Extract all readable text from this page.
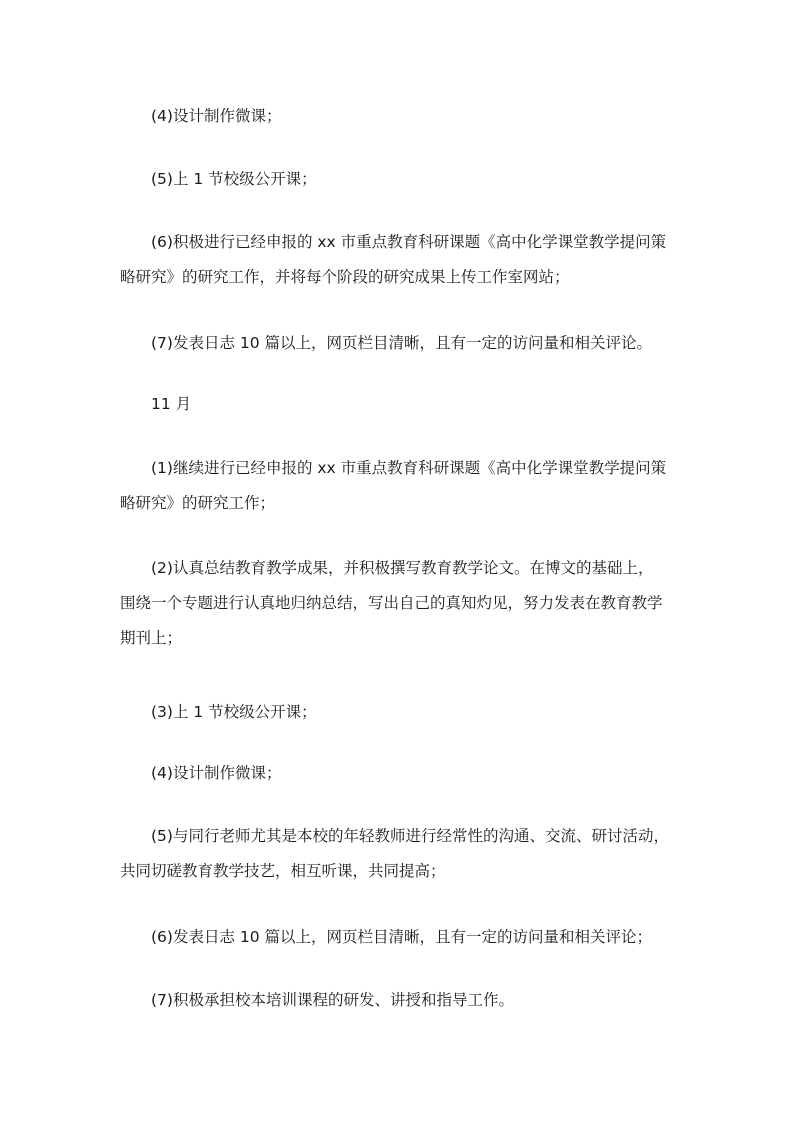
(4)设计制作微课；

(5)上 1 节校级公开课；

(6)积极进行已经申报的 xx 市重点教育科研课题《高中化学课堂教学提问策
略研究》的研究工作，并将每个阶段的研究成果上传工作室网站；

(7)发表日志 10 篇以上，网页栏目清晰，且有一定的访问量和相关评论。

11 月

(1)继续进行已经申报的 xx 市重点教育科研课题《高中化学课堂教学提问策
略研究》的研究工作；

(2)认真总结教育教学成果，并积极撰写教育教学论文。在博文的基础上，
围绕一个专题进行认真地归纳总结，写出自己的真知灼见，努力发表在教育教学
期刊上；

(3)上 1 节校级公开课；

(4)设计制作微课；

(5)与同行老师尤其是本校的年轻教师进行经常性的沟通、交流、研讨活动，
共同切磋教育教学技艺，相互听课，共同提高；

(6)发表日志 10 篇以上，网页栏目清晰，且有一定的访问量和相关评论；

(7)积极承担校本培训课程的研发、讲授和指导工作。
